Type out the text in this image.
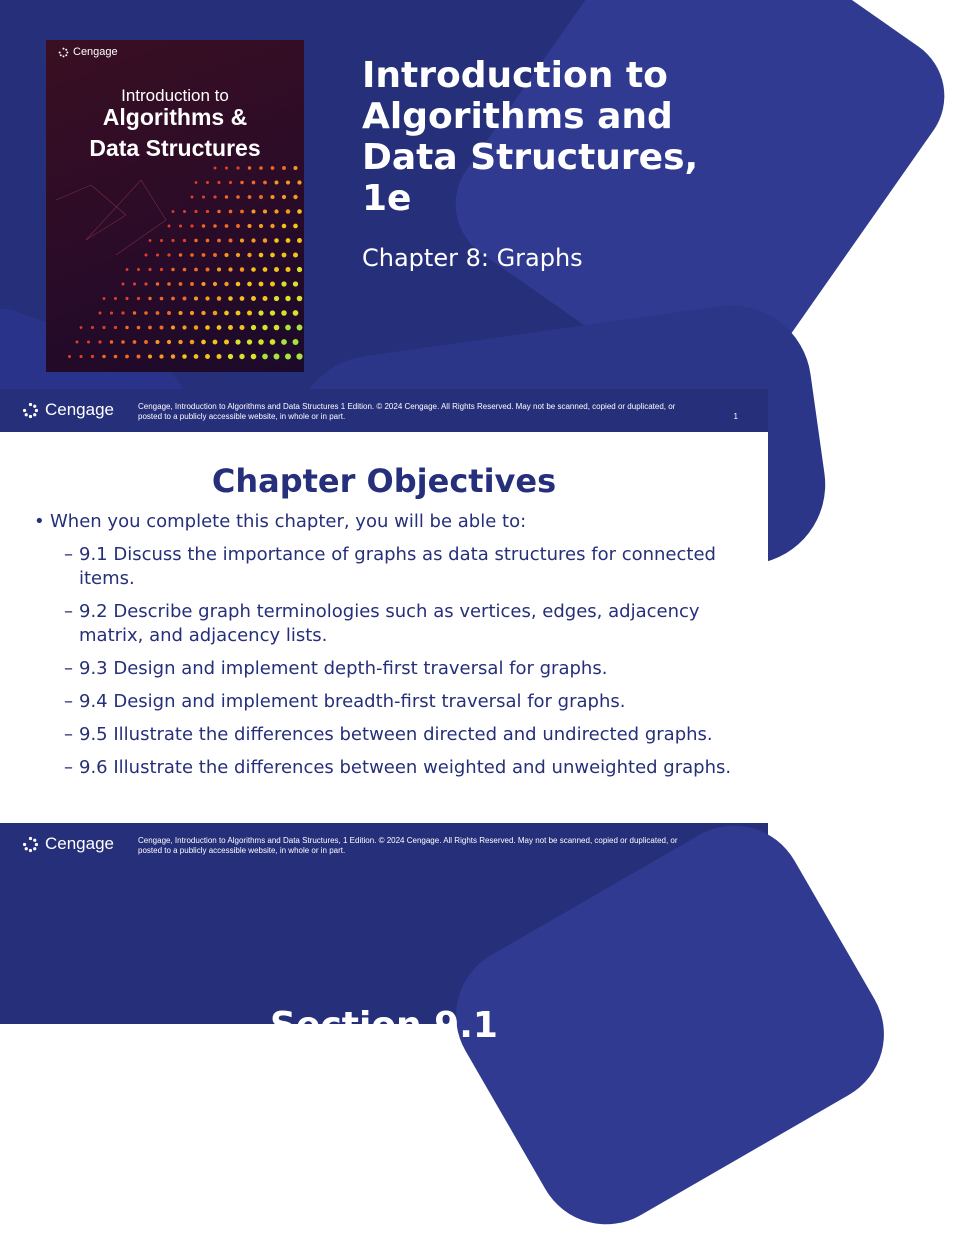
Cengage
Introduction to
Algorithms &
Data Structures
Introduction to Algorithms and Data Structures, 1e
Chapter 8: Graphs
Cengage	Cengage, Introduction to Algorithms and Data Structures 1 Edition. © 2024 Cengage. All Rights Reserved. May not be scanned, copied or duplicated, or posted to a publicly accessible website, in whole or in part.	1
Chapter Objectives
• When you complete this chapter, you will be able to:
– 9.1 Discuss the importance of graphs as data structures for connected items.
– 9.2 Describe graph terminologies such as vertices, edges, adjacency matrix, and adjacency lists.
– 9.3 Design and implement depth-first traversal for graphs.
– 9.4 Design and implement breadth-first traversal for graphs.
– 9.5 Illustrate the differences between directed and undirected graphs.
– 9.6 Illustrate the differences between weighted and unweighted graphs.
Cengage	Cengage, Introduction to Algorithms and Data Structures, 1 Edition. © 2024 Cengage. All Rights Reserved. May not be scanned, copied or duplicated, or posted to a publicly accessible website, in whole or in part.
Section 9.1
